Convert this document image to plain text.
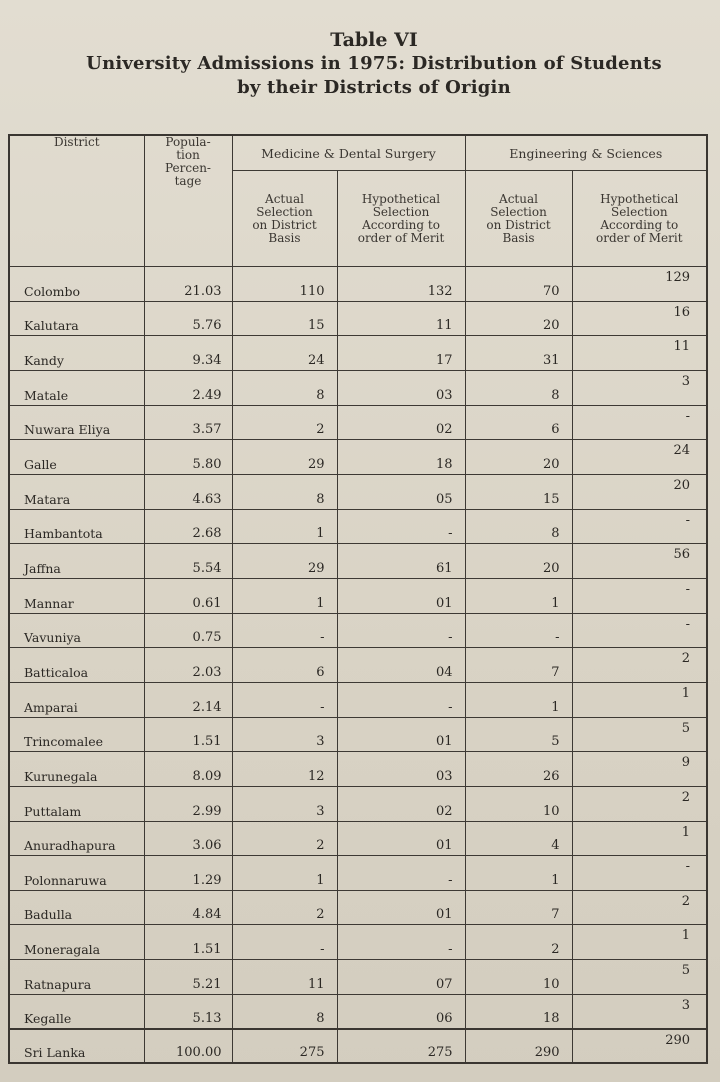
Table VI
University Admissions in 1975: Distribution of Students
by their Districts of Origin
District	Popula-
tion
Percen-
tage	Medicine & Dental Surgery		Engineering & Sciences	
		Actual
Selection
on District
Basis	Hypothetical
Selection
According to
order of Merit	Actual
Selection
on District
Basis	Hypothetical
Selection
According to
order of Merit
Colombo	21.03	110	132	70	129
Kalutara	5.76	15	11	20	16
Kandy	9.34	24	17	31	11
Matale	2.49	8	03	8	3
Nuwara Eliya	3.57	2	02	6	-
Galle	5.80	29	18	20	24
Matara	4.63	8	05	15	20
Hambantota	2.68	1	-	8	-
Jaffna	5.54	29	61	20	56
Mannar	0.61	1	01	1	-
Vavuniya	0.75	-	-	-	-
Batticaloa	2.03	6	04	7	2
Amparai	2.14	-	-	1	1
Trincomalee	1.51	3	01	5	5
Kurunegala	8.09	12	03	26	9
Puttalam	2.99	3	02	10	2
Anuradhapura	3.06	2	01	4	1
Polonnaruwa	1.29	1	-	1	-
Badulla	4.84	2	01	7	2
Moneragala	1.51	-	-	2	1
Ratnapura	5.21	11	07	10	5
Kegalle	5.13	8	06	18	3
Sri Lanka	100.00	275	275	290	290
